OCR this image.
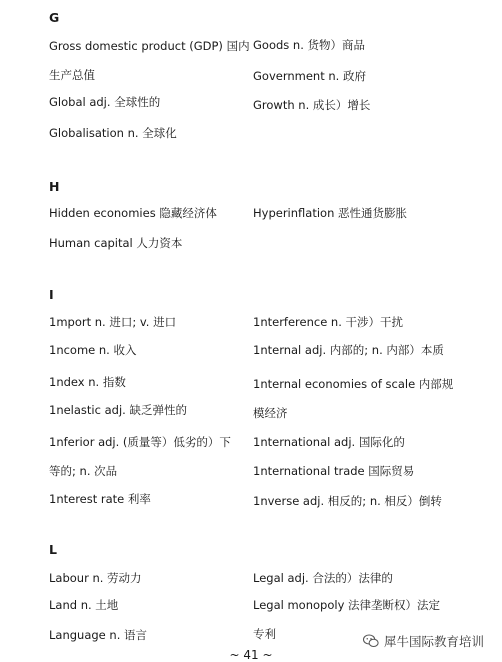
G
Gross domestic product (GDP) 国内
生产总值
Global adj. 全球性的
Globalisation n. 全球化
Goods n. 货物）商品
Government n. 政府
Growth n. 成长）增长
H
Hidden economies 隐藏经济体
Human capital 人力资本
Hyperinflation 恶性通货膨胀
I
1mport n. 进口; v. 进口
1ncome n. 收入
1ndex n. 指数
1nelastic adj. 缺乏弹性的
1nferior adj. (质量等）低劣的）下
等的; n. 次品
1nterest rate 利率
1nterference n. 干涉）干扰
1nternal adj. 内部的; n. 内部）本质
1nternal economies of scale 内部规
模经济
1nternational adj. 国际化的
1nternational trade 国际贸易
1nverse adj. 相反的; n. 相反）倒转
L
Labour n. 劳动力
Land n. 土地
Language n. 语言
Legal adj. 合法的）法律的
Legal monopoly 法律垄断权）法定
专利	犀牛国际教育培训
~ 41 ~
